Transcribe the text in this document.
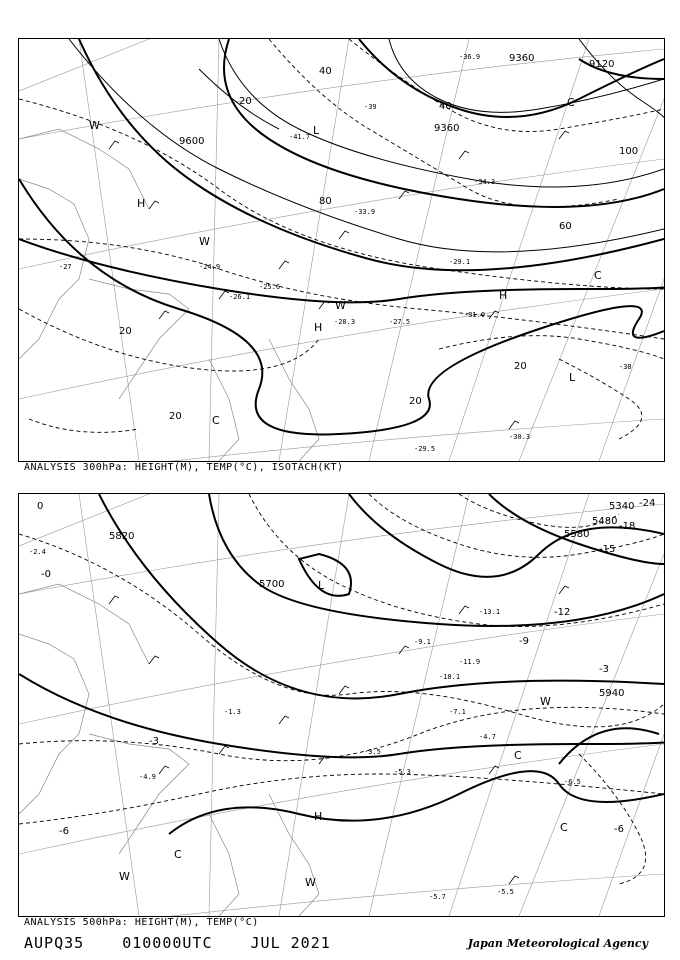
9600
9360
9120
9360
20
40
80
100
20
20
20
40
60
20
-24.9
-25.6
-26.1
-27.5
-28.3
-29.1
-31.0
-30.3
-29.5
-34.3
-33.9
-39
-41.7
-36.9
-27
-38
H
H
H
L
L
C
C
C
W
W
W
ANALYSIS 300hPa: HEIGHT(M), TEMP(°C), ISOTACH(KT)
5820
5700
5580
5480
5340
5940
-0
-3
-6
-9
-12
-15
-18
-24
-6
-3
0
-2.4
-5.3
-4.7
-5.5
-5.7
-6.5
-10.1
-11.9
-13.1
-9.1
-7.1
-3.5
-1.3
-4.9
H
L
C
C
C
W	W
W
ANALYSIS 500hPa: HEIGHT(M), TEMP(°C)
AUPQ35	010000UTC	JUL 2021	Japan Meteorological Agency
